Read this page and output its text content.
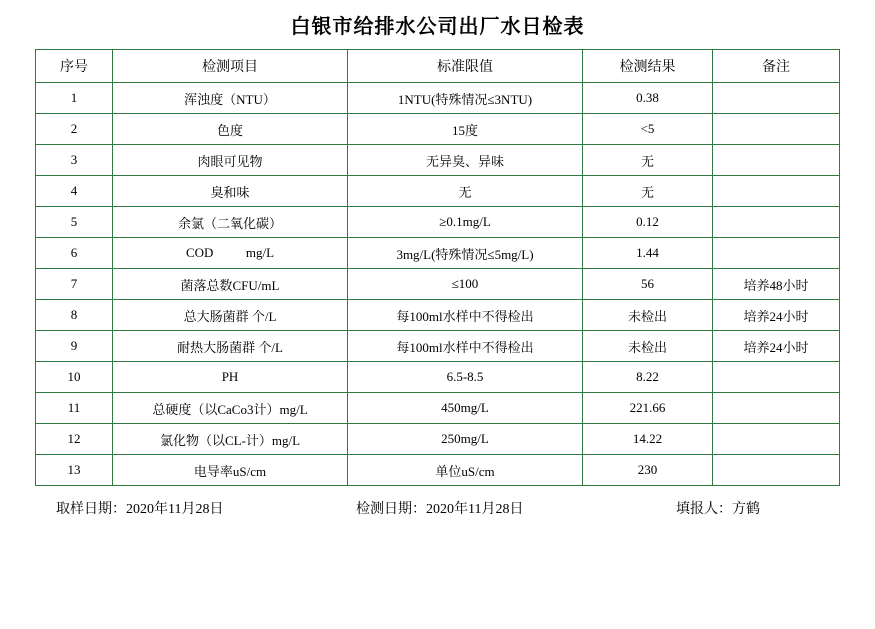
白银市给排水公司出厂水日检表
序号	检测项目	标准限值	检测结果	备注
1	浑浊度（NTU）	1NTU(特殊情况≤3NTU)	0.38	
2	色度	15度	<5	
3	肉眼可见物	无异臭、异味	无	
4	臭和味	无	无	
5	余氯（二氧化碳）	≥0.1mg/L	0.12	
6	COD          mg/L	3mg/L(特殊情况≤5mg/L)	1.44	
7	菌落总数CFU/mL	≤100	56	培养48小时
8	总大肠菌群 个/L	每100ml水样中不得检出	未检出	培养24小时
9	耐热大肠菌群 个/L	每100ml水样中不得检出	未检出	培养24小时
10	PH	6.5-8.5	8.22	
11	总硬度（以CaCo3计）mg/L	450mg/L	221.66	
12	氯化物（以CL-计）mg/L	250mg/L	14.22	
13	电导率uS/cm	单位uS/cm	230	
取样日期：2020年11月28日	检测日期：2020年11月28日	填报人：方鹤
